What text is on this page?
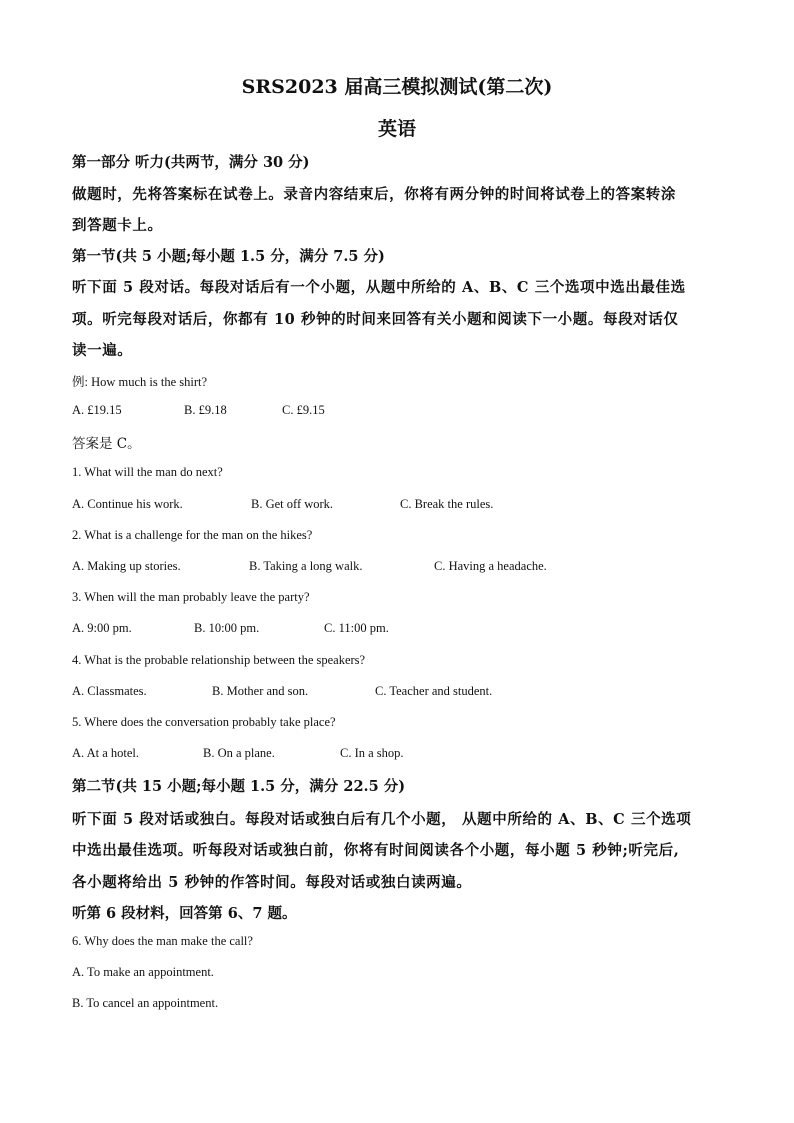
SRS2023 届高三模拟测试(第二次)
英语
第一部分 听力(共两节，满分 30 分)
做题时，先将答案标在试卷上。录音内容结束后，你将有两分钟的时间将试卷上的答案转涂
到答题卡上。
第一节(共 5 小题;每小题 1.5 分，满分 7.5 分)
听下面 5 段对话。每段对话后有一个小题，从题中所给的 A、B、C 三个选项中选出最佳选
项。听完每段对话后，你都有 10 秒钟的时间来回答有关小题和阅读下一小题。每段对话仅
读一遍。
例: How much is the shirt?
A. £19.15	B. £9.18	C. £9.15
答案是 C。
1. What will the man do next?
A. Continue his work.	B. Get off work.	C. Break the rules.
2. What is a challenge for the man on the hikes?
A. Making up stories.	B. Taking a long walk.	C. Having a headache.
3. When will the man probably leave the party?
A. 9:00 pm.	B. 10:00 pm.	C. 11:00 pm.
4. What is the probable relationship between the speakers?
A. Classmates.	B. Mother and son.	C. Teacher and student.
5. Where does the conversation probably take place?
A. At a hotel.	B. On a plane.	C. In a shop.
第二节(共 15 小题;每小题 1.5 分，满分 22.5 分)
听下面 5 段对话或独白。每段对话或独白后有几个小题， 从题中所给的 A、B、C 三个选项
中选出最佳选项。听每段对话或独白前，你将有时间阅读各个小题，每小题 5 秒钟;听完后,
各小题将给出 5 秒钟的作答时间。每段对话或独白读两遍。
听第 6 段材料，回答第 6、7 题。
6. Why does the man make the call?
A. To make an appointment.
B. To cancel an appointment.
